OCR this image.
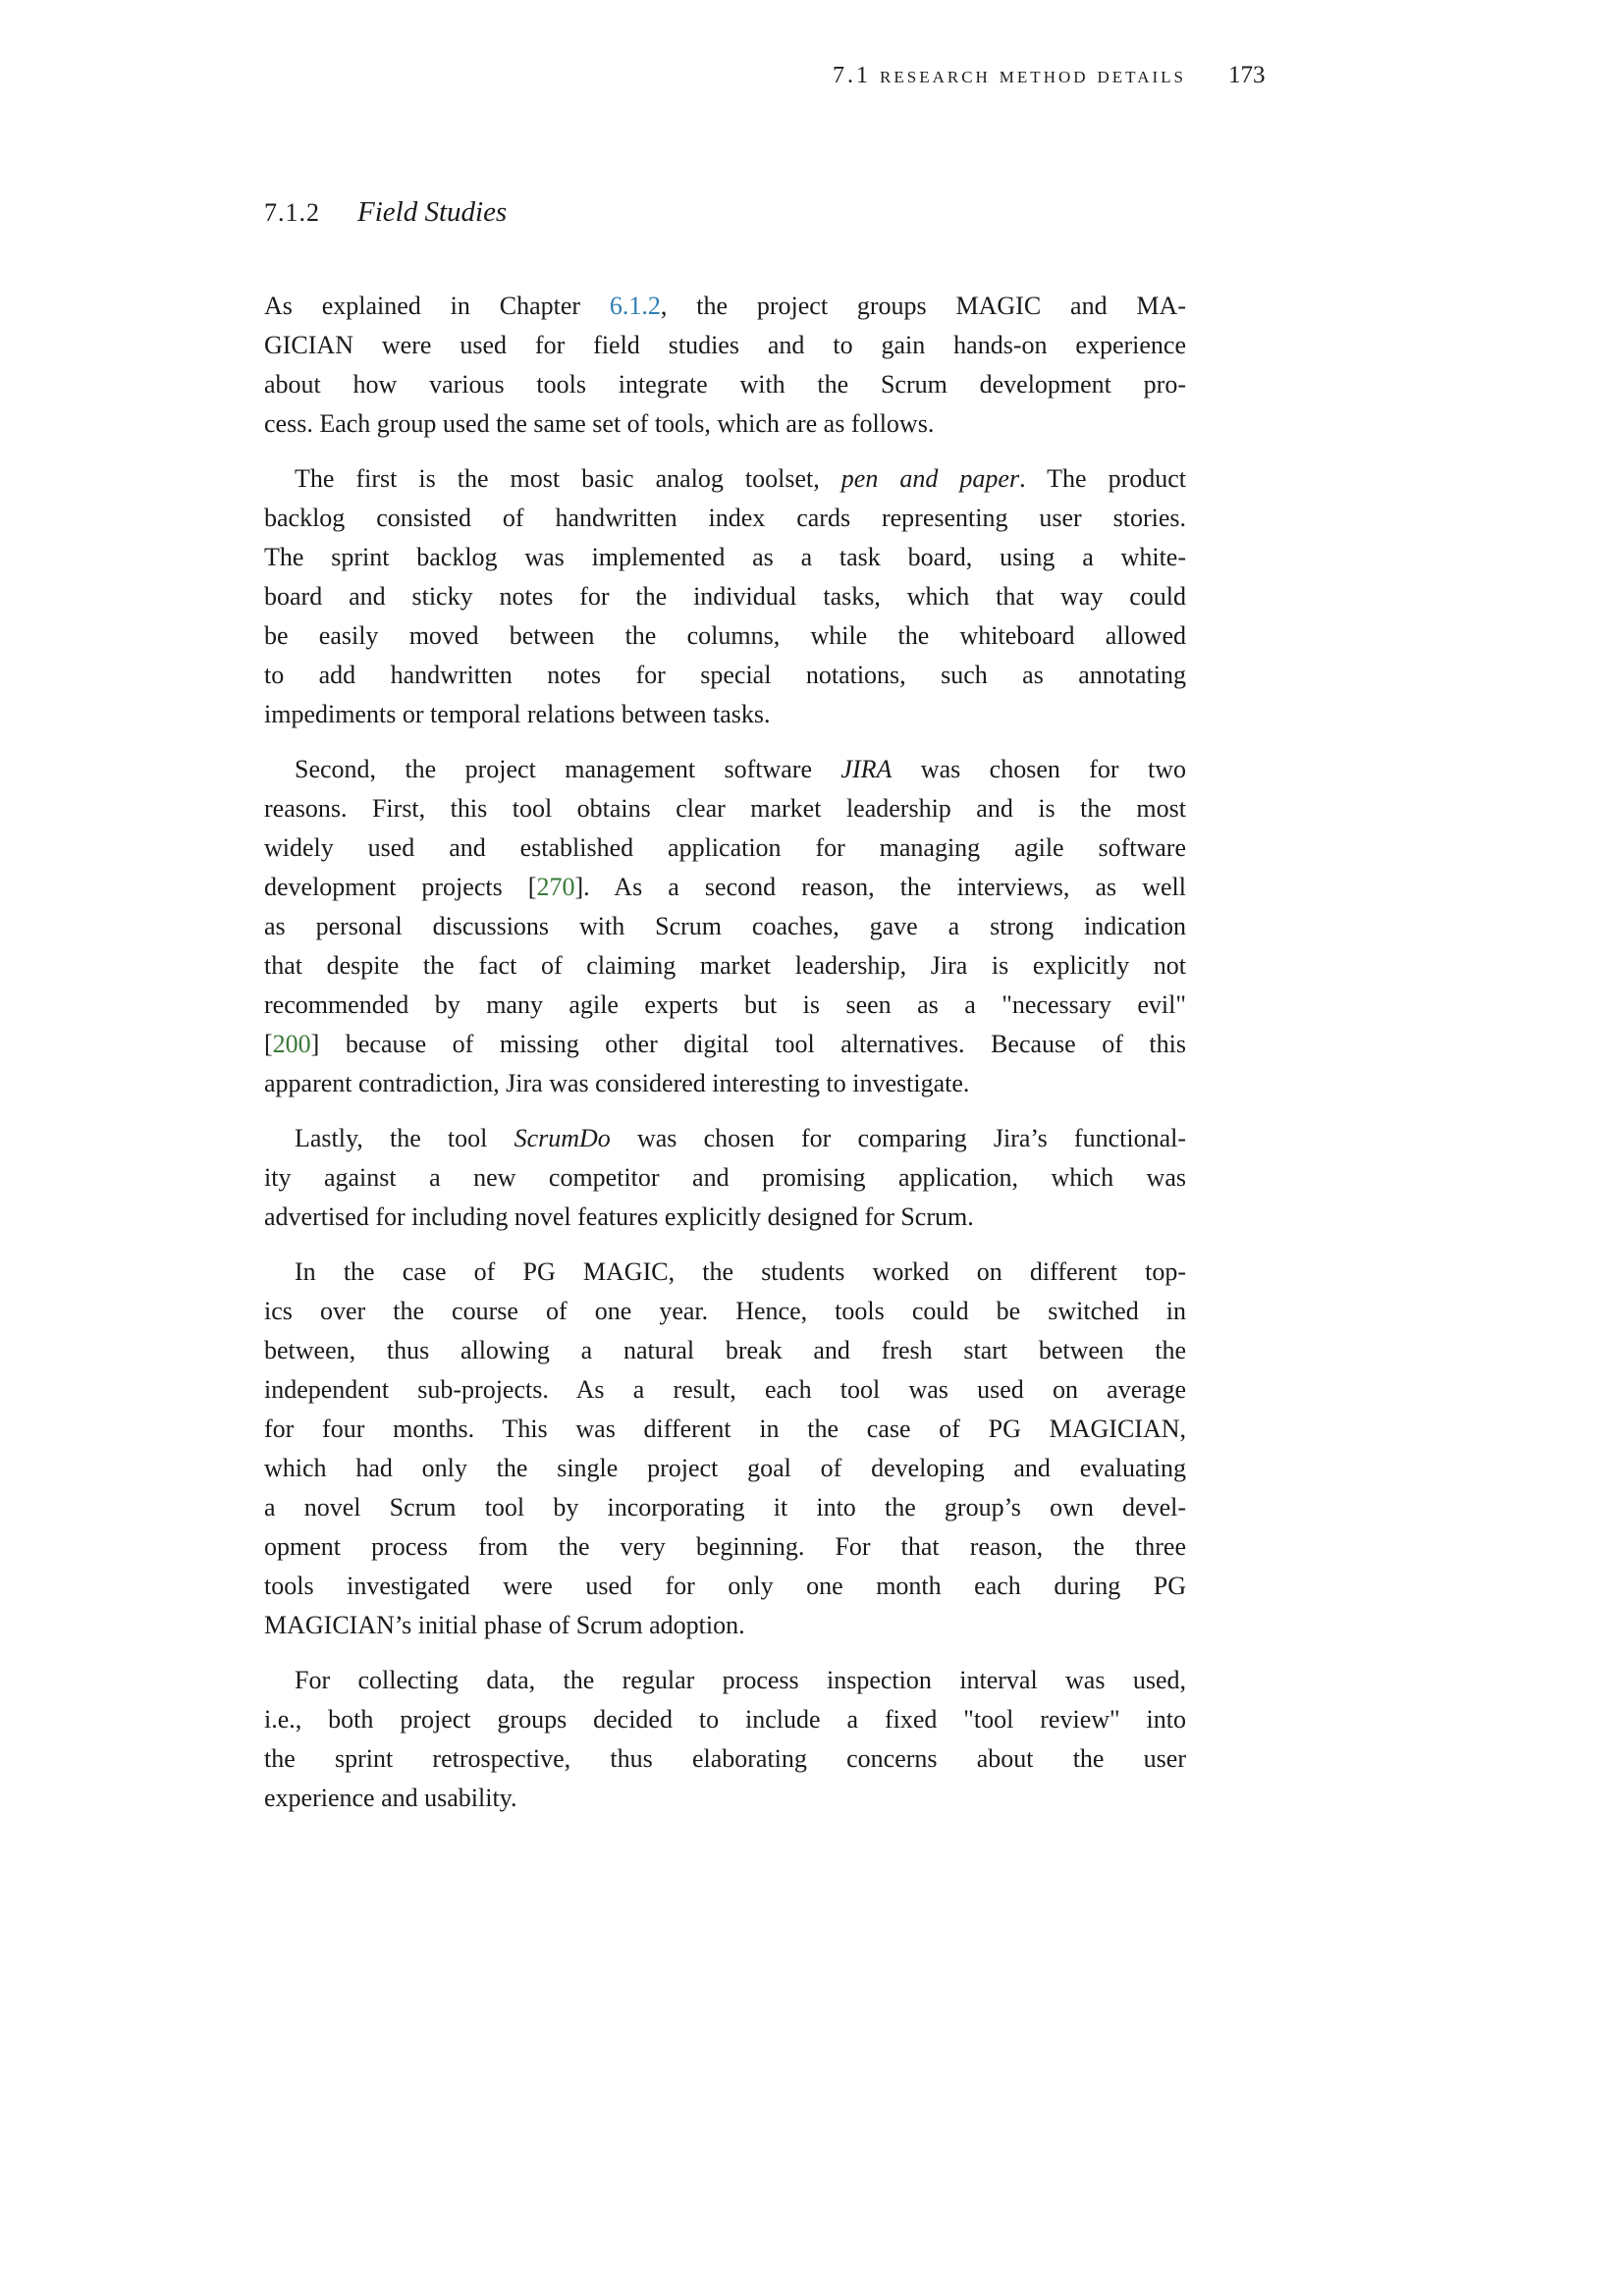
7.1 research method details 173
7.1.2 Field Studies
As explained in Chapter 6.1.2, the project groups MAGIC and MA-
GICIAN were used for field studies and to gain hands-on experience
about how various tools integrate with the Scrum development pro-
cess. Each group used the same set of tools, which are as follows.
The first is the most basic analog toolset, pen and paper. The product
backlog consisted of handwritten index cards representing user stories.
The sprint backlog was implemented as a task board, using a white-
board and sticky notes for the individual tasks, which that way could
be easily moved between the columns, while the whiteboard allowed
to add handwritten notes for special notations, such as annotating
impediments or temporal relations between tasks.
Second, the project management software JIRA was chosen for two
reasons. First, this tool obtains clear market leadership and is the most
widely used and established application for managing agile software
development projects [270]. As a second reason, the interviews, as well
as personal discussions with Scrum coaches, gave a strong indication
that despite the fact of claiming market leadership, Jira is explicitly not
recommended by many agile experts but is seen as a "necessary evil"
[200] because of missing other digital tool alternatives. Because of this
apparent contradiction, Jira was considered interesting to investigate.
Lastly, the tool ScrumDo was chosen for comparing Jira’s functional-
ity against a new competitor and promising application, which was
advertised for including novel features explicitly designed for Scrum.
In the case of PG MAGIC, the students worked on different top-
ics over the course of one year. Hence, tools could be switched in
between, thus allowing a natural break and fresh start between the
independent sub-projects. As a result, each tool was used on average
for four months. This was different in the case of PG MAGICIAN,
which had only the single project goal of developing and evaluating
a novel Scrum tool by incorporating it into the group’s own devel-
opment process from the very beginning. For that reason, the three
tools investigated were used for only one month each during PG
MAGICIAN’s initial phase of Scrum adoption.
For collecting data, the regular process inspection interval was used,
i.e., both project groups decided to include a fixed "tool review" into
the sprint retrospective, thus elaborating concerns about the user
experience and usability.
